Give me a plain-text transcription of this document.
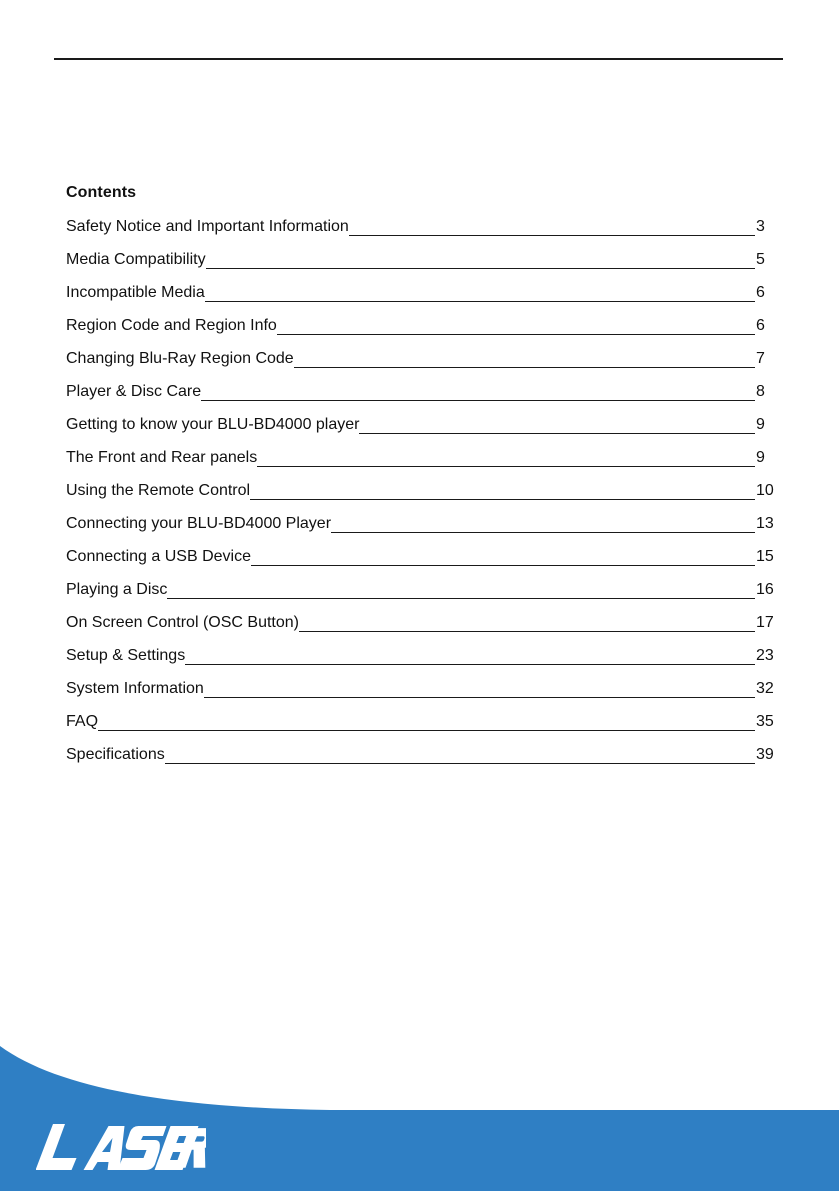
Contents
Safety Notice and Important Information	3
Media Compatibility	5
Incompatible Media	6
Region Code and Region Info	6
Changing Blu-Ray Region Code	7
Player & Disc Care	8
Getting to know your BLU-BD4000 player	9
The Front and Rear panels	9
Using the Remote Control	10
Connecting your BLU-BD4000 Player	13
Connecting a USB Device	15
Playing a Disc	16
On Screen Control (OSC Button)	17
Setup & Settings	23
System Information	32
FAQ	35
Specifications	39
